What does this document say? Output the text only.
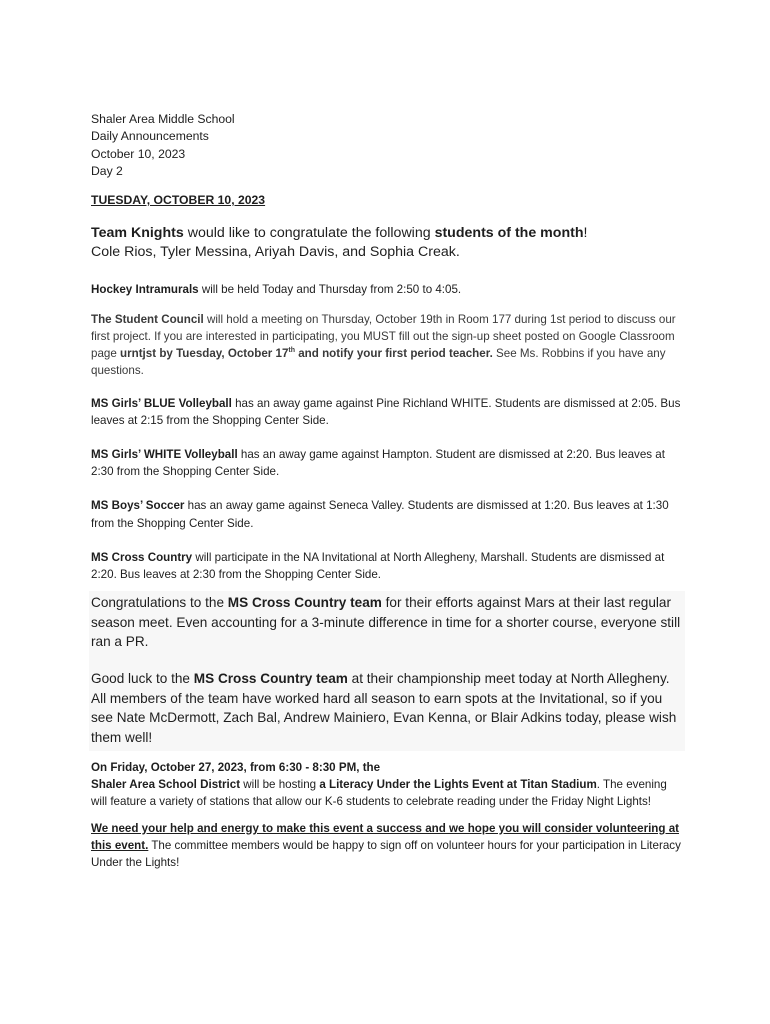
Shaler Area Middle School
Daily Announcements
October 10, 2023
Day 2
TUESDAY, OCTOBER 10, 2023
Team Knights would like to congratulate the following students of the month!
Cole Rios, Tyler Messina, Ariyah Davis, and Sophia Creak.

Hockey Intramurals will be held Today and Thursday from 2:50 to 4:05.

The Student Council will hold a meeting on Thursday, October 19th in Room 177 during 1st period to discuss our first project. If you are interested in participating, you MUST fill out the sign-up sheet posted on Google Classroom page urntjst by Tuesday, October 17th and notify your first period teacher. See Ms. Robbins if you have any questions.

MS Girls’ BLUE Volleyball has an away game against Pine Richland WHITE. Students are dismissed at 2:05. Bus leaves at 2:15 from the Shopping Center Side.

MS Girls’ WHITE Volleyball has an away game against Hampton. Student are dismissed at 2:20. Bus leaves at 2:30 from the Shopping Center Side.

MS Boys’ Soccer has an away game against Seneca Valley. Students are dismissed at 1:20. Bus leaves at 1:30 from the Shopping Center Side.

MS Cross Country will participate in the NA Invitational at North Allegheny, Marshall. Students are dismissed at 2:20. Bus leaves at 2:30 from the Shopping Center Side.

Congratulations to the MS Cross Country team for their efforts against Mars at their last regular season meet. Even accounting for a 3-minute difference in time for a shorter course, everyone still ran a PR.

Good luck to the MS Cross Country team at their championship meet today at North Allegheny. All members of the team have worked hard all season to earn spots at the Invitational, so if you see Nate McDermott, Zach Bal, Andrew Mainiero, Evan Kenna, or Blair Adkins today, please wish them well!

On Friday, October 27, 2023, from 6:30 - 8:30 PM, the
Shaler Area School District will be hosting a Literacy Under the Lights Event at Titan Stadium. The evening will feature a variety of stations that allow our K-6 students to celebrate reading under the Friday Night Lights!

We need your help and energy to make this event a success and we hope you will consider volunteering at this event. The committee members would be happy to sign off on volunteer hours for your participation in Literacy Under the Lights!
